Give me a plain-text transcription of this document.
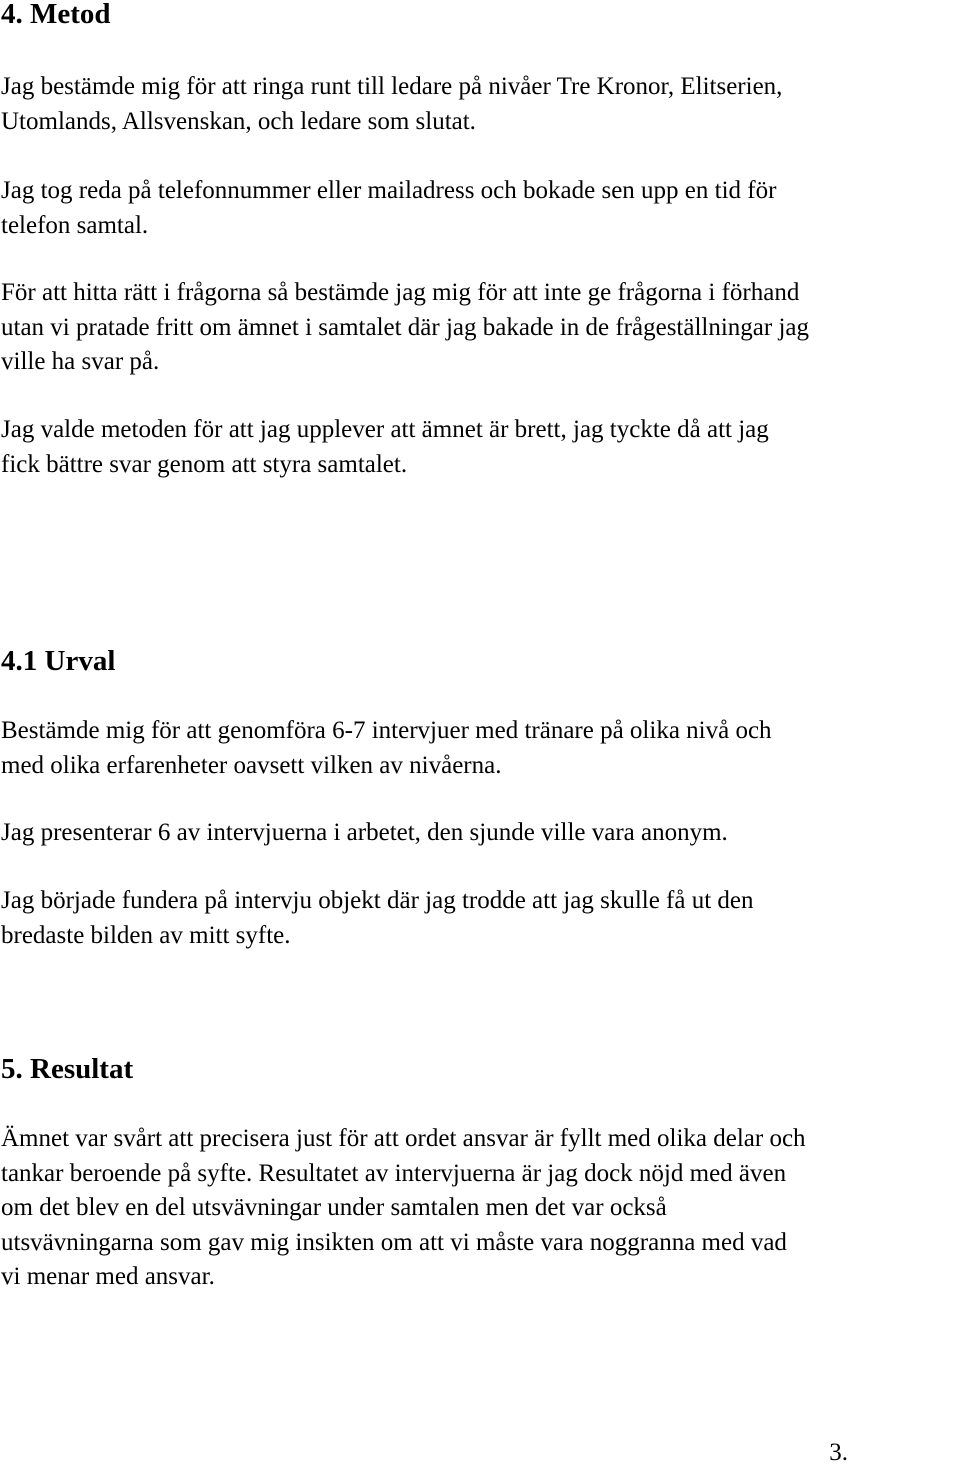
4. Metod

Jag bestämde mig för att ringa runt till ledare på nivåer Tre Kronor, Elitserien,
Utomlands, Allsvenskan, och ledare som slutat.

Jag tog reda på telefonnummer eller mailadress och bokade sen upp en tid för
telefon samtal.

För att hitta rätt i frågorna så bestämde jag mig för att inte ge frågorna i förhand
utan vi pratade fritt om ämnet i samtalet där jag bakade in de frågeställningar jag
ville ha svar på.

Jag valde metoden för att jag upplever att ämnet är brett, jag tyckte då att jag
fick bättre svar genom att styra samtalet.

4.1 Urval

Bestämde mig för att genomföra 6-7 intervjuer med tränare på olika nivå och
med olika erfarenheter oavsett vilken av nivåerna.

Jag presenterar 6 av intervjuerna i arbetet, den sjunde ville vara anonym.

Jag började fundera på intervju objekt där jag trodde att jag skulle få ut den
bredaste bilden av mitt syfte.

5. Resultat

Ämnet var svårt att precisera just för att ordet ansvar är fyllt med olika delar och
tankar beroende på syfte. Resultatet av intervjuerna är jag dock nöjd med även
om det blev en del utsvävningar under samtalen men det var också
utsvävningarna som gav mig insikten om att vi måste vara noggranna med vad
vi menar med ansvar.

3.
